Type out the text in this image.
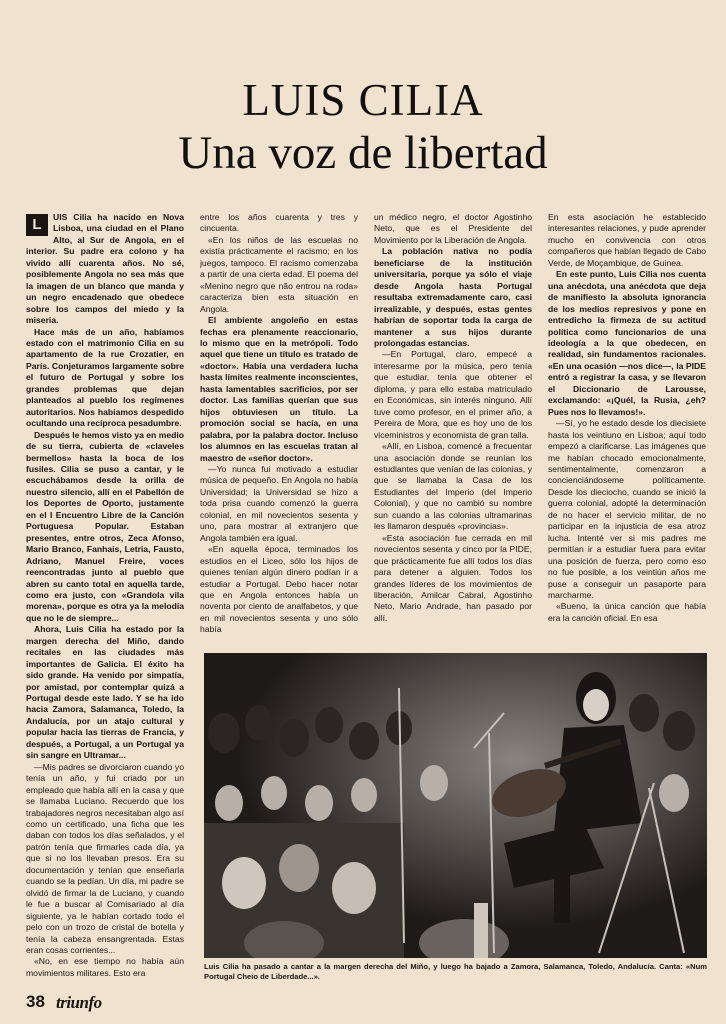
LUIS CILIA
Una voz de libertad

L	UIS Cilia ha nacido en Nova Lisboa, una ciudad en el Plano Alto, al Sur de Angola, en el interior. Su padre era colono y ha vivido allí cuarenta años. No sé, posiblemente Angola no sea más que la imagen de un blanco que manda y un negro encadenado que obedece sobre los campos del miedo y la miseria.

Hace más de un año, habíamos estado con el matrimonio Cilia en su apartamento de la rue Crozatier, en París. Conjeturamos largamente sobre el futuro de Portugal y sobre los grandes problemas que dejan planteados al pueblo los regímenes autoritarios. Nos habíamos despedido ocultando una recíproca pesadumbre.

Después le hemos visto ya en medio de su tierra, cubierta de «claveles bermellos» hasta la boca de los fusiles. Cilia se puso a cantar, y le escuchábamos desde la orilla de nuestro silencio, allí en el Pabellón de los Deportes de Oporto, justamente en el I Encuentro Libre de la Canción Portuguesa Popular. Estaban presentes, entre otros, Zeca Afonso, Mario Branco, Fanhais, Letria, Fausto, Adriano, Manuel Freire, voces reencontradas junto al pueblo que abren su canto total en aquella tarde, como era justo, con «Grandola vila morena», porque es otra ya la melodía que no le de siempre...

Ahora, Luis Cilia ha estado por la margen derecha del Miño, dando recitales en las ciudades más importantes de Galicia. El éxito ha sido grande. Ha venido por simpatía, por amistad, por contemplar quizá a Portugal desde este lado. Y se ha ido hacia Zamora, Salamanca, Toledo, la Andalucía, por un atajo cultural y popular hacia las tierras de Francia, y después, a Portugal, a un Portugal ya sin sangre en Ultramar...

—Mis padres se divorciaron cuando yo tenía un año, y fui criado por un empleado que había allí en la casa y que se llamaba Luciano. Recuerdo que los trabajadores negros necesitaban algo así como un certificado, una ficha que les daban con todos los días señalados, y el patrón tenía que firmarles cada día, ya que si no los llevaban presos. Era su documentación y tenían que enseñarla cuando se la pedían. Un día, mi padre se olvidó de firmar la de Luciano, y cuando le fue a buscar al Comisariado al día siguiente, ya le habían cortado todo el pelo con un trozo de cristal de botella y tenía la cabeza ensangrentada. Estas eran cosas corrientes...

«No, en ese tiempo no había aún movimientos militares. Esto era

entre los años cuarenta y tres y cincuenta.

«En los niños de las escuelas no existía prácticamente el racismo; en los juegos, tampoco. El racismo comenzaba a partir de una cierta edad. El poema del «Menino negro que não entrou na roda» caracteriza bien esta situación en Angola.

El ambiente angoleño en estas fechas era plenamente reaccionario, lo mismo que en la metrópoli. Todo aquel que tiene un título es tratado de «doctor». Había una verdadera lucha hasta límites realmente inconscientes, hasta lamentables sacrificios, por ser doctor. Las familias querían que sus hijos obtuviesen un título. La promoción social se hacía, en una palabra, por la palabra doctor. Incluso los alumnos en las escuelas tratan al maestro de «señor doctor».

—Yo nunca fui motivado a estudiar música de pequeño. En Angola no había Universidad; la Universidad se hizo a toda prisa cuando comenzó la guerra colonial, en mil novecientos sesenta y uno, para mostrar al extranjero que Angola también era igual.

«En aquella época, terminados los estudios en el Liceo, sólo los hijos de quienes tenían algún dinero podían ir a estudiar a Portugal. Debo hacer notar que en Angola entonces había un noventa por ciento de analfabetos, y que en mil novecientos sesenta y uno sólo había

un médico negro, el doctor Agostinho Neto, que es el Presidente del Movimiento por la Liberación de Angola.

La población nativa no podía beneficiarse de la institución universitaria, porque ya sólo el viaje desde Angola hasta Portugal resultaba extremadamente caro, casi irrealizable, y después, estas gentes habrían de soportar toda la carga de mantener a sus hijos durante prolongadas estancias.

—En Portugal, claro, empecé a interesarme por la música, pero tenía que estudiar, tenía que obtener el diploma, y para ello estaba matriculado en Económicas, sin interés ninguno. Allí tuve como profesor, en el primer año, a Pereira de Mora, que es hoy uno de los viceministros y economista de gran talla.

«Allí, en Lisboa, comencé a frecuentar una asociación donde se reunían los estudiantes que venían de las colonias, y que se llamaba la Casa de los Estudiantes del Imperio (del Imperio Colonial), y que no cambió su nombre sun cuando a las colonias ultramarinas les llamaron después «provincias».

«Esta asociación fue cerrada en mil novecientos sesenta y cinco por la PIDE, que prácticamente fue allí todos los días para detener a alguien. Todos los grandes líderes de los movimientos de liberación, Amilcar Cabral, Agostinho Neto, Mario Andrade, han pasado por allí.

En esta asociación he establecido interesantes relaciones, y pude aprender mucho en convivencia con otros compañeros que habían llegado de Cabo Verde, de Moçambique, de Guinea.

En este punto, Luis Cilia nos cuenta una anécdota, una anécdota que deja de manifiesto la absoluta ignorancia de los medios represivos y pone en entredicho la firmeza de su actitud política como funcionarios de una ideología a la que obedecen, en realidad, sin fundamentos racionales. «En una ocasión —nos dice—, la PIDE entró a registrar la casa, y se llevaron el Diccionario de Larousse, exclamando: «¡Quél, la Rusia, ¿eh? Pues nos lo llevamos!».

—Sí, yo he estado desde los diecisiete hasta los veintiuno en Lisboa; aquí todo empezó a clarificarse. Las imágenes que me habían chocado emocionalmente, sentimentalmente, comenzaron a concienciándoseme políticamente. Desde los dieciocho, cuando se inició la guerra colonial, adopté la determinación de no hacer el servicio militar, de no participar en la injusticia de esa atroz lucha. Intenté ver si mis padres me permitían ir a estudiar fuera para evitar una posición de fuerza, pero como eso no fue posible, a los veintiún años me puse a conseguir un pasaporte para marcharme.

«Bueno, la única canción que había era la canción oficial. En esa

Luis Cilia ha pasado a cantar a la margen derecha del Miño, y luego ha bajado a Zamora, Salamanca, Toledo, Andalucía. Canta: «Num Portugal Cheio de Liberdade...».
38 triunfo
